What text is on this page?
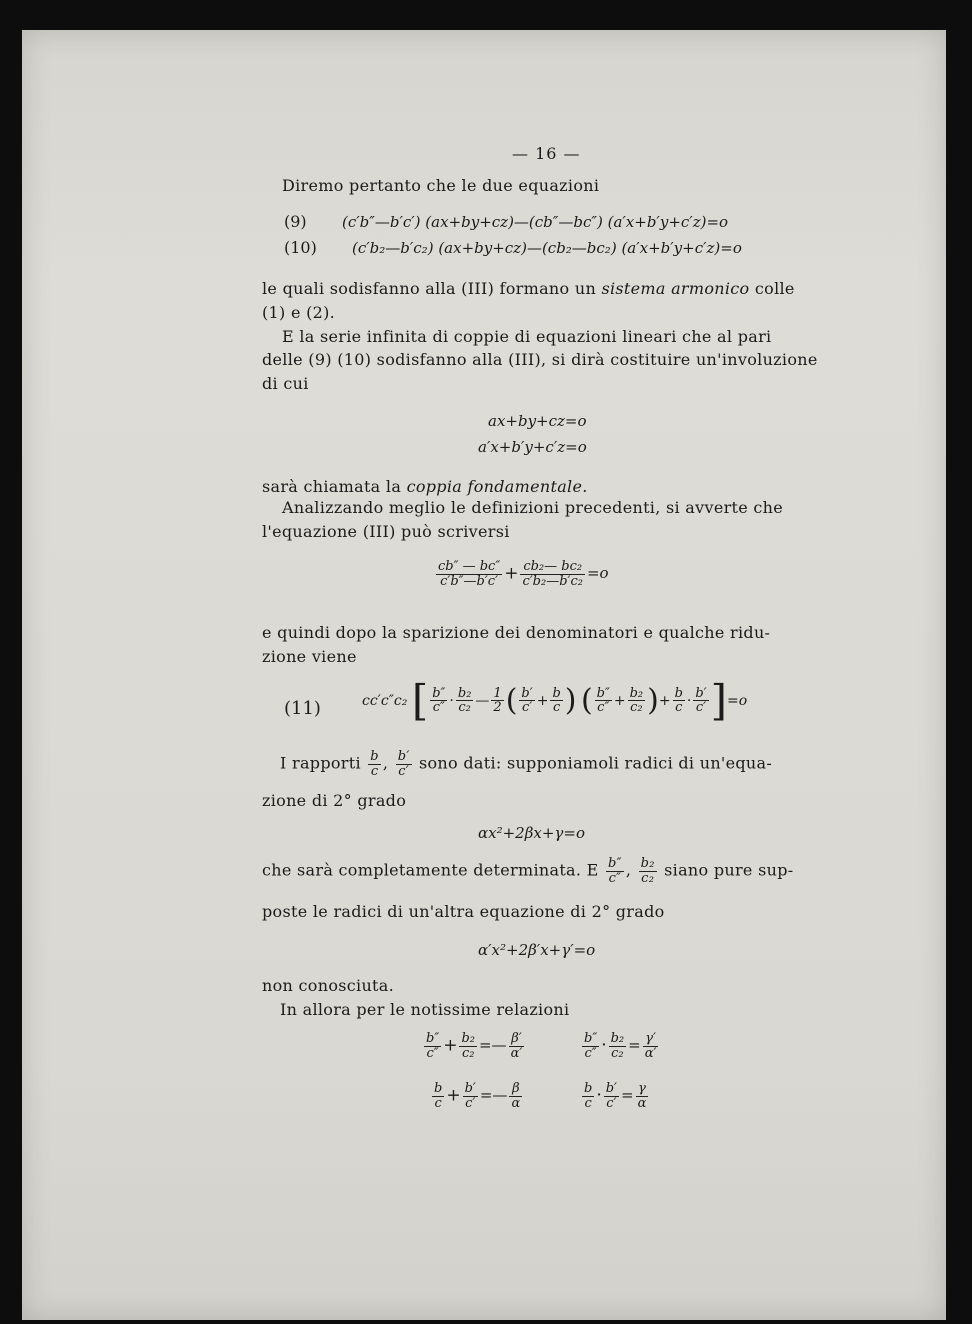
— 16 —
Diremo pertanto che le due equazioni
(9) (c′b″—b′c′) (ax+by+cz)—(cb″—bc″) (a′x+b′y+c′z)=o
(10) (c′b₂—b′c₂) (ax+by+cz)—(cb₂—bc₂) (a′x+b′y+c′z)=o
le quali sodisfanno alla (III) formano un sistema armonico colle
(1) e (2).
E la serie infinita di coppie di equazioni lineari che al pari
delle (9) (10) sodisfanno alla (III), si dirà costituire un'involuzione
di cui
ax+by+cz=o
a′x+b′y+c′z=o
sarà chiamata la coppia fondamentale.
Analizzando meglio le definizioni precedenti, si avverte che
l'equazione (III) può scriversi
$\frac{cb'' — bc''}{c'b''—b'c'} + \frac{\text{cb₂— bc₂}}{\text{c′b₂—b′c₂}} =o$
e quindi dopo la sparizione dei denominatori e qualche ridu-
zione viene
(11)	cc′c″c₂ [ $\frac{b''}{c''} \cdot \frac{\text{b₂}}{\text{c₂}}$ — $\frac{1}{2}$ ( $\frac{b'}{c'} + \frac{b}{c}$ ) ( $\frac{b''}{c''} + \frac{\text{b₂}}{\text{c₂}}$ )+ $\frac{b}{c} \cdot \frac{b'}{c'} ]=o$
I rapporti $\frac{b}{c}$ , $\frac{b'}{c'}$ sono dati: supponiamoli radici di un'equa-
zione di 2° grado
αx²+2βx+γ=o
che sarà completamente determinata. E $\frac{b''}{c''}$ , $\frac{\text{b₂}}{\text{c₂}}$ siano pure sup-
poste le radici di un'altra equazione di 2° grado
α′x²+2β′x+γ′=o
non conosciuta.
In allora per le notissime relazioni
$\frac{b''}{c''} + \frac{\text{b₂}}{\text{c₂}}$ =— $\frac{\beta'}{\alpha'}$	$\frac{b''}{c''} \cdot \frac{\text{b₂}}{\text{c₂}} = \frac{\gamma'}{\alpha'}$
$\frac{b}{c} + \frac{b'}{c'}$ =— $\frac{\beta}{\alpha}$	$\frac{b}{c} \cdot \frac{b'}{c'} = \frac{\gamma}{\alpha}$
